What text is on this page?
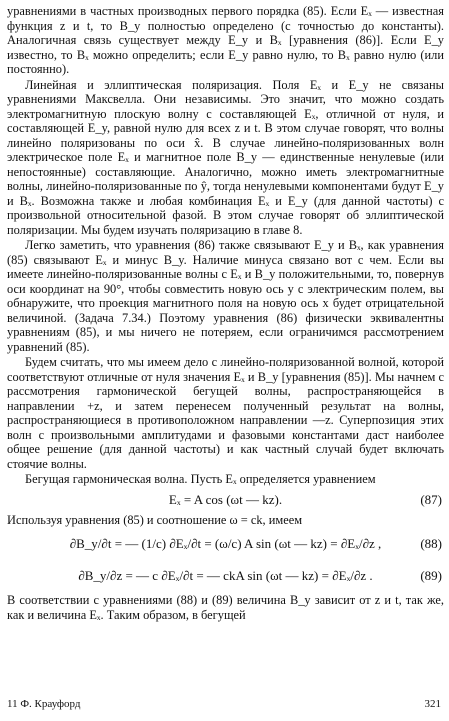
уравнениями в частных производных первого порядка (85). Если Eₓ — известная функция z и t, то B_y полностью определено (с точностью до константы). Аналогичная связь существует между E_y и Bₓ [уравнения (86)]. Если E_y известно, то Bₓ можно определить; если E_y равно нулю, то Bₓ равно нулю (или постоянно).

Линейная и эллиптическая поляризация. Поля Eₓ и E_y не связаны уравнениями Максвелла. Они независимы. Это значит, что можно создать электромагнитную плоскую волну с составляющей Eₓ, отличной от нуля, и составляющей E_y, равной нулю для всех z и t. В этом случае говорят, что волны линейно поляризованы по оси x̂. В случае линейно-поляризованных волн электрическое поле Eₓ и магнитное поле B_y — единственные ненулевые (или непостоянные) составляющие. Аналогично, можно иметь электромагнитные волны, линейно-поляризованные по ŷ, тогда ненулевыми компонентами будут E_y и Bₓ. Возможна также и любая комбинация Eₓ и E_y (для данной частоты) с произвольной относительной фазой. В этом случае говорят об эллиптической поляризации. Мы будем изучать поляризацию в главе 8.

Легко заметить, что уравнения (86) также связывают E_y и Bₓ, как уравнения (85) связывают Eₓ и минус B_y. Наличие минуса связано вот с чем. Если вы имеете линейно-поляризованные волны с Eₓ и B_y положительными, то, повернув оси координат на 90°, чтобы совместить новую ось y с электрическим полем, вы обнаружите, что проекция магнитного поля на новую ось x будет отрицательной величиной. (Задача 7.34.) Поэтому уравнения (86) физически эквивалентны уравнениям (85), и мы ничего не потеряем, если ограничимся рассмотрением уравнений (85).

Будем считать, что мы имеем дело с линейно-поляризованной волной, которой соответствуют отличные от нуля значения Eₓ и B_y [уравнения (85)]. Мы начнем с рассмотрения гармонической бегущей волны, распространяющейся в направлении +z, и затем перенесем полученный результат на волны, распространяющиеся в противоположном направлении —z. Суперпозиция этих волн с произвольными амплитудами и фазовыми константами даст наиболее общее решение (для данной частоты) и как частный случай будет включать стоячие волны.

Бегущая гармоническая волна. Пусть Eₓ определяется уравнением

Eₓ = A cos (ωt — kz).	(87)

Используя уравнения (85) и соотношение ω = ck, имеем

∂B_y/∂t = — (1/c) ∂Eₓ/∂t = (ω/c) A sin (ωt — kz) = ∂Eₓ/∂z ,	(88)
∂B_y/∂z = — c ∂Eₓ/∂t = — ckA sin (ωt — kz) = ∂Eₓ/∂z .	(89)

В соответствии с уравнениями (88) и (89) величина B_y зависит от z и t, так же, как и величина Eₓ. Таким образом, в бегущей

11 Ф. Крауфорд	321
